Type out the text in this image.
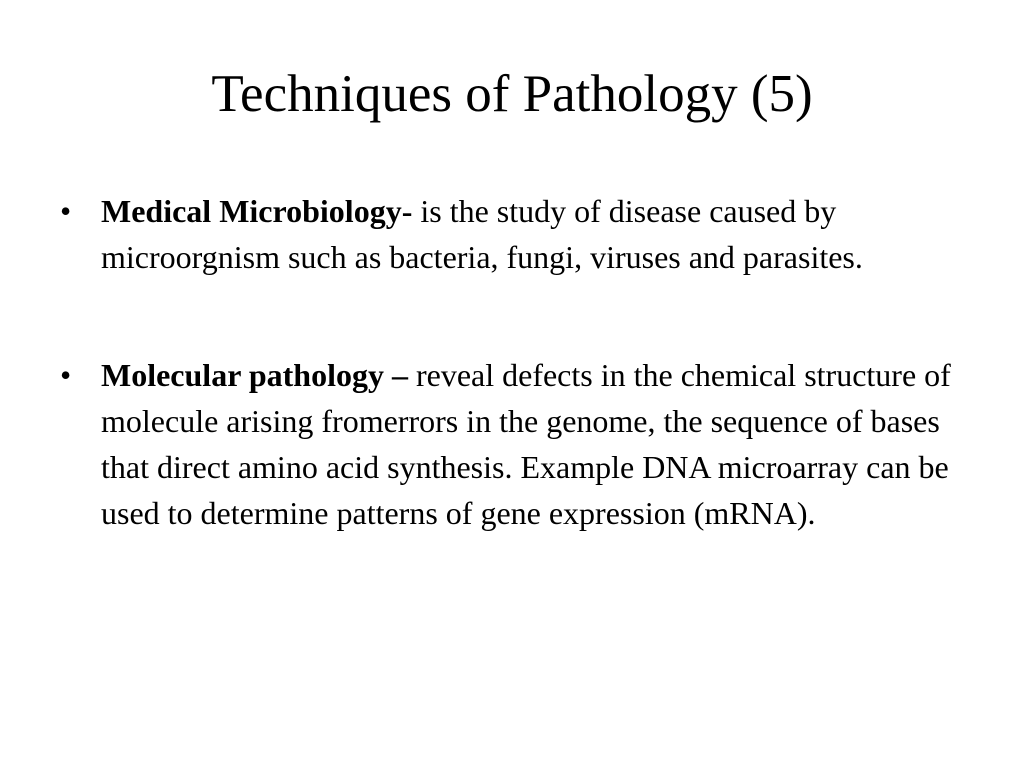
Techniques of Pathology (5)
• Medical Microbiology- is the study of disease caused by microorgnism such as bacteria, fungi, viruses and parasites.
• Molecular pathology – reveal defects in the chemical structure of molecule arising fromerrors in the genome, the sequence of bases that direct amino acid synthesis. Example DNA microarray can be used to determine patterns of gene expression (mRNA).
